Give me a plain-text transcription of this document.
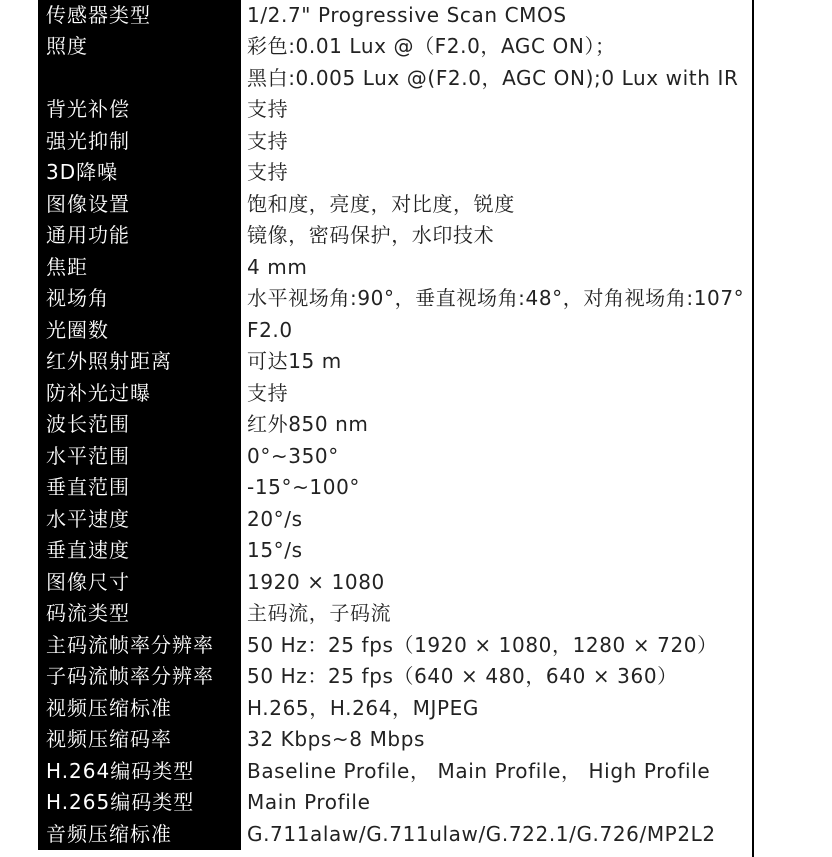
传感器类型	1/2.7" Progressive Scan CMOS
照度	彩色:0.01 Lux @（F2.0，AGC ON）；
	黑白:0.005 Lux @(F2.0，AGC ON);0 Lux with IR
背光补偿	支持
强光抑制	支持
3D降噪	支持
图像设置	饱和度，亮度，对比度，锐度
通用功能	镜像，密码保护，水印技术
焦距	4 mm
视场角	水平视场角:90°，垂直视场角:48°，对角视场角:107°
光圈数	F2.0
红外照射距离	可达15 m
防补光过曝	支持
波长范围	红外850 nm
水平范围	0°~350°
垂直范围	-15°~100°
水平速度	20°/s
垂直速度	15°/s
图像尺寸	1920 × 1080
码流类型	主码流，子码流
主码流帧率分辨率	50 Hz：25 fps（1920 × 1080，1280 × 720）
子码流帧率分辨率	50 Hz：25 fps（640 × 480，640 × 360）
视频压缩标准	H.265，H.264，MJPEG
视频压缩码率	32 Kbps~8 Mbps
H.264编码类型	Baseline Profile， Main Profile， High Profile
H.265编码类型	Main Profile
音频压缩标准	G.711alaw/G.711ulaw/G.722.1/G.726/MP2L2
